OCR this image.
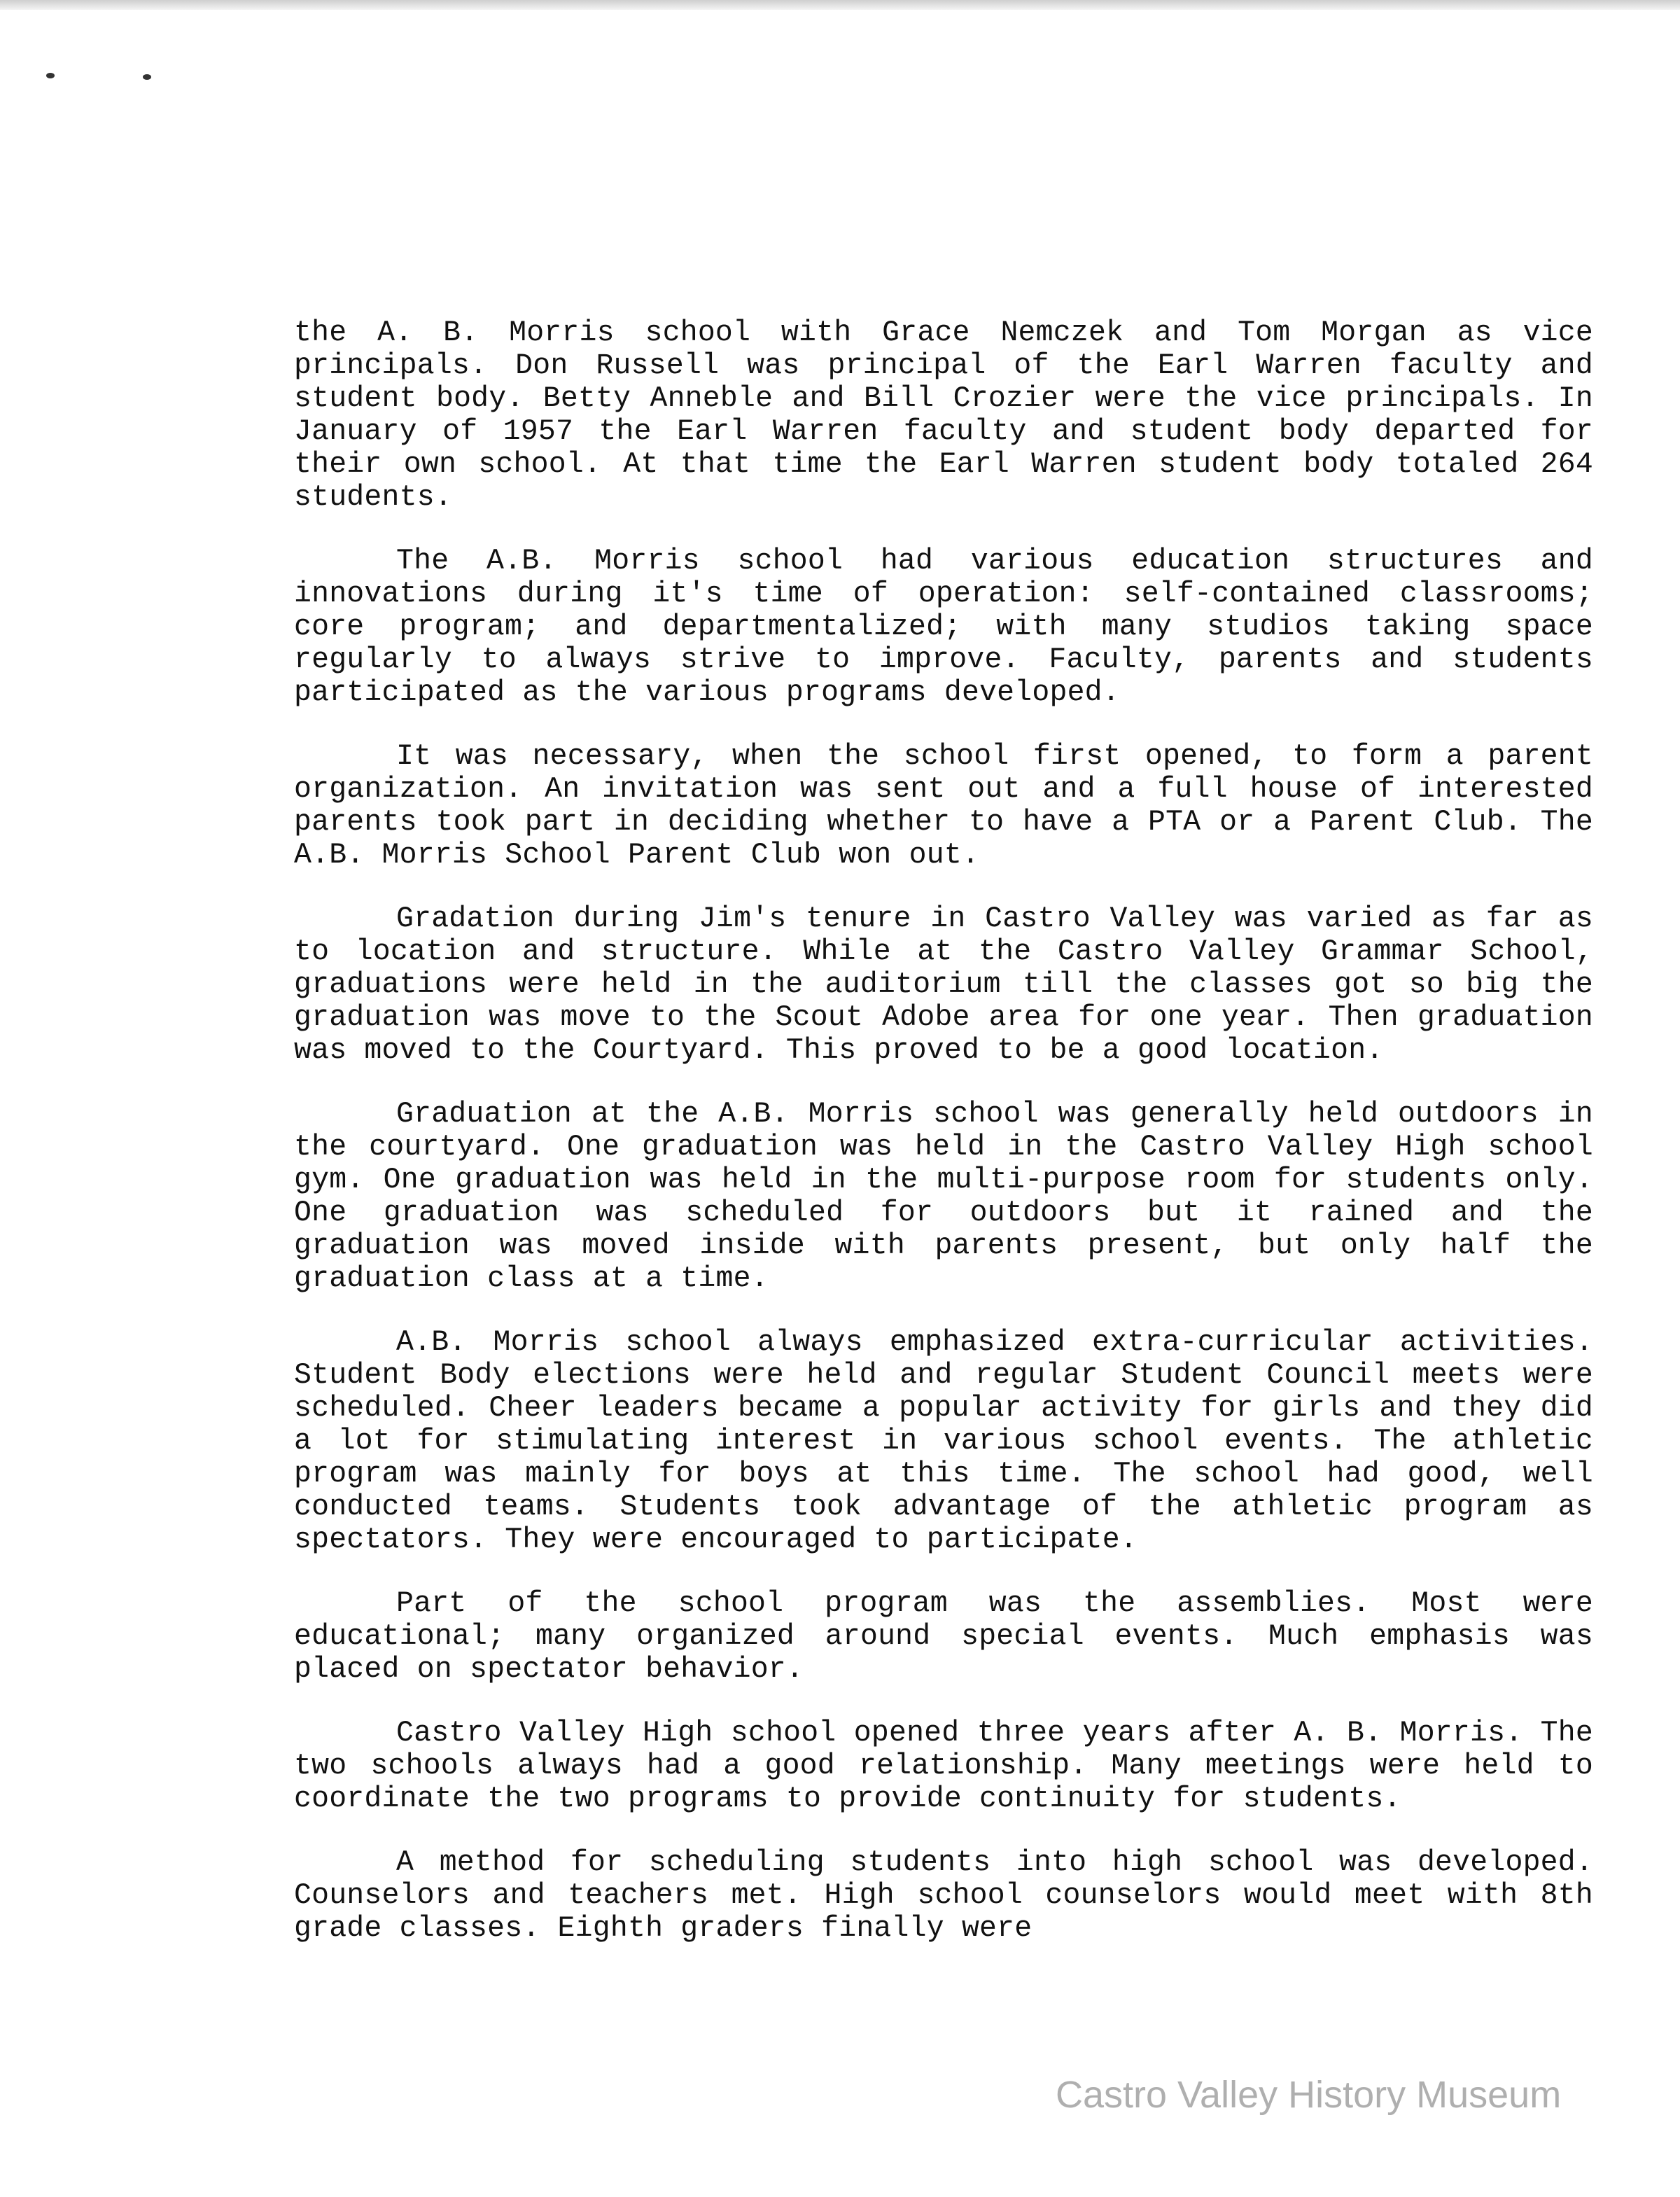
the A. B. Morris school with Grace Nemczek and Tom Morgan as vice principals. Don Russell was principal of the Earl Warren faculty and student body. Betty Anneble and Bill Crozier were the vice principals. In January of 1957 the Earl Warren faculty and student body departed for their own school. At that time the Earl Warren student body totaled 264 students.

The A.B. Morris school had various education structures and innovations during it's time of operation: self-contained classrooms; core program; and departmentalized; with many studios taking space regularly to always strive to improve. Faculty, parents and students participated as the various programs developed.

It was necessary, when the school first opened, to form a parent organization. An invitation was sent out and a full house of interested parents took part in deciding whether to have a PTA or a Parent Club. The A.B. Morris School Parent Club won out.

Gradation during Jim's tenure in Castro Valley was varied as far as to location and structure. While at the Castro Valley Grammar School, graduations were held in the auditorium till the classes got so big the graduation was move to the Scout Adobe area for one year. Then graduation was moved to the Courtyard. This proved to be a good location.

Graduation at the A.B. Morris school was generally held outdoors in the courtyard. One graduation was held in the Castro Valley High school gym. One graduation was held in the multi-purpose room for students only. One graduation was scheduled for outdoors but it rained and the graduation was moved inside with parents present, but only half the graduation class at a time.

A.B. Morris school always emphasized extra-curricular activities. Student Body elections were held and regular Student Council meets were scheduled. Cheer leaders became a popular activity for girls and they did a lot for stimulating interest in various school events. The athletic program was mainly for boys at this time. The school had good, well conducted teams. Students took advantage of the athletic program as spectators. They were encouraged to participate.

Part of the school program was the assemblies. Most were educational; many organized around special events. Much emphasis was placed on spectator behavior.

Castro Valley High school opened three years after A. B. Morris. The two schools always had a good relationship. Many meetings were held to coordinate the two programs to provide continuity for students.

A method for scheduling students into high school was developed. Counselors and teachers met. High school counselors would meet with 8th grade classes. Eighth graders finally were

Castro Valley History Museum
